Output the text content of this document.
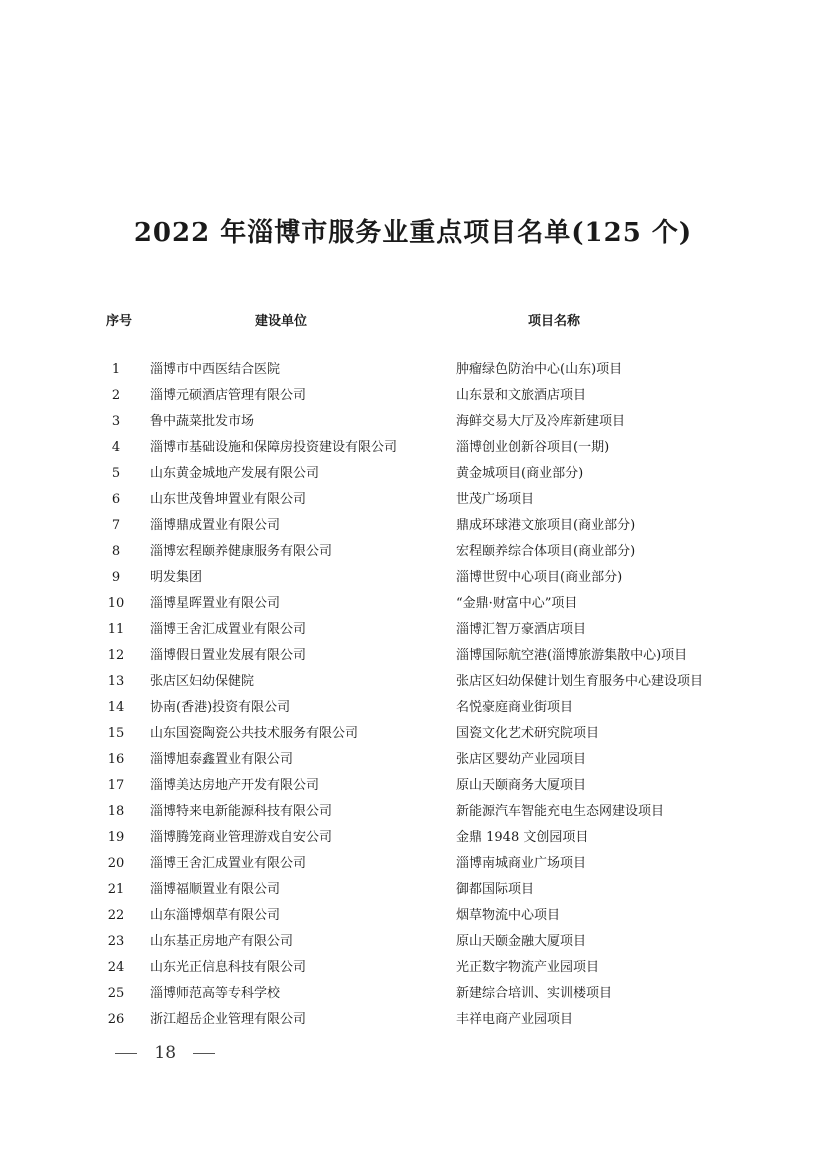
2022 年淄博市服务业重点项目名单(125 个)
序号	建设单位	项目名称
1	淄博市中西医结合医院	肿瘤绿色防治中心(山东)项目
2	淄博元硕酒店管理有限公司	山东景和文旅酒店项目
3	鲁中蔬菜批发市场	海鲜交易大厅及冷库新建项目
4	淄博市基础设施和保障房投资建设有限公司	淄博创业创新谷项目(一期)
5	山东黄金城地产发展有限公司	黄金城项目(商业部分)
6	山东世茂鲁坤置业有限公司	世茂广场项目
7	淄博鼎成置业有限公司	鼎成环球港文旅项目(商业部分)
8	淄博宏程颐养健康服务有限公司	宏程颐养综合体项目(商业部分)
9	明发集团	淄博世贸中心项目(商业部分)
10	淄博星晖置业有限公司	“金鼎·财富中心”项目
11	淄博王舍汇成置业有限公司	淄博汇智万豪酒店项目
12	淄博假日置业发展有限公司	淄博国际航空港(淄博旅游集散中心)项目
13	张店区妇幼保健院	张店区妇幼保健计划生育服务中心建设项目
14	协南(香港)投资有限公司	名悦豪庭商业街项目
15	山东国瓷陶瓷公共技术服务有限公司	国瓷文化艺术研究院项目
16	淄博旭泰鑫置业有限公司	张店区婴幼产业园项目
17	淄博美达房地产开发有限公司	原山天颐商务大厦项目
18	淄博特来电新能源科技有限公司	新能源汽车智能充电生态网建设项目
19	淄博腾笼商业管理游戏自安公司	金鼎 1948 文创园项目
20	淄博王舍汇成置业有限公司	淄博南城商业广场项目
21	淄博福顺置业有限公司	御都国际项目
22	山东淄博烟草有限公司	烟草物流中心项目
23	山东基正房地产有限公司	原山天颐金融大厦项目
24	山东光正信息科技有限公司	光正数字物流产业园项目
25	淄博师范高等专科学校	新建综合培训、实训楼项目
26	浙江超岳企业管理有限公司	丰祥电商产业园项目
18
